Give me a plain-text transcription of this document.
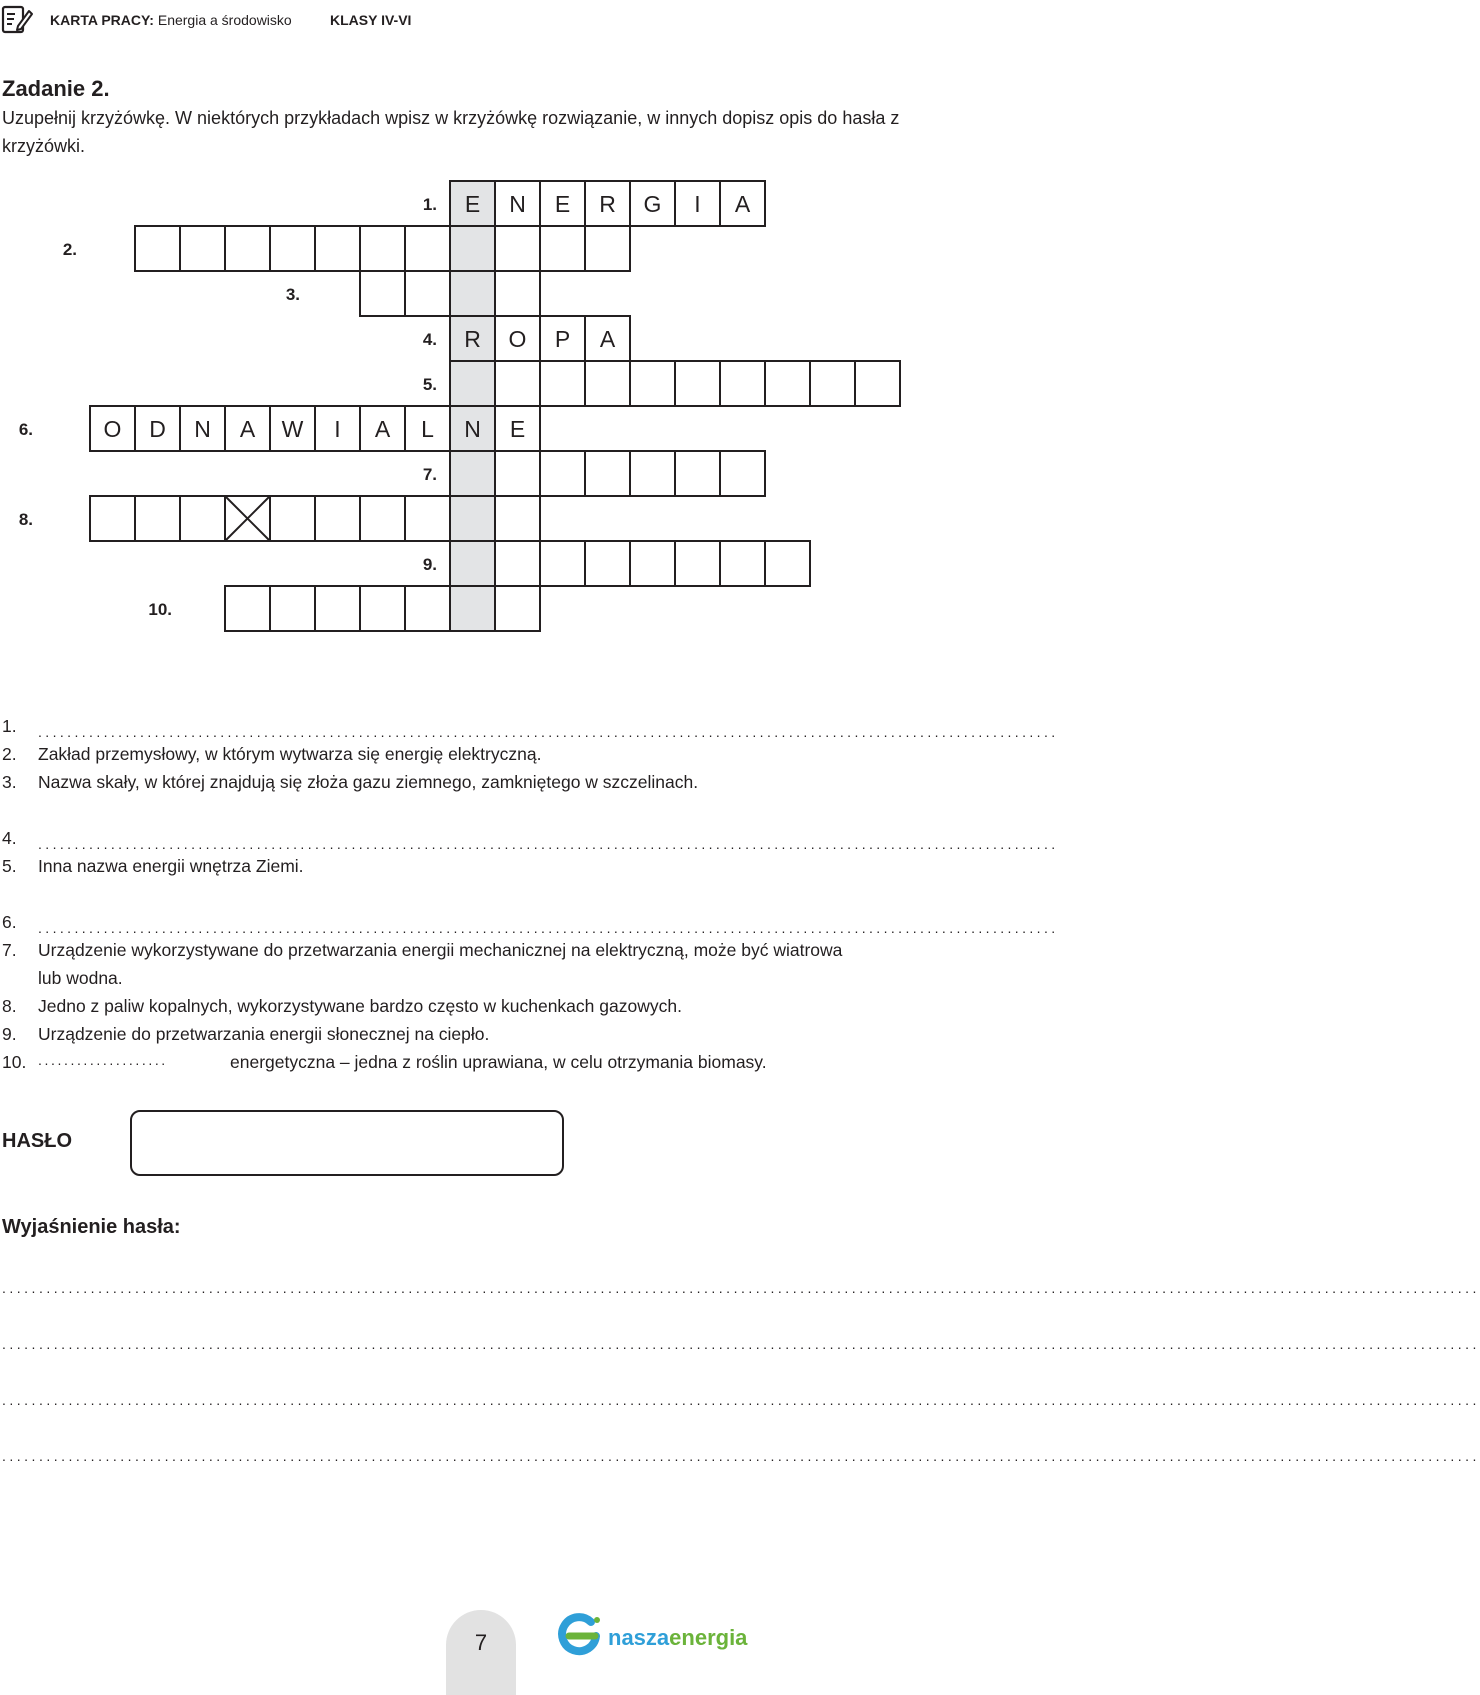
KARTA PRACY: Energia a środowisko	KLASY IV-VI
Zadanie 2.
Uzupełnij krzyżówkę. W niektórych przykładach wpisz w krzyżówkę rozwiązanie, w innych dopisz opis do hasła z krzyżówki.
1. E N E R G I A
2.
3.
4. R O P A
5.
6.	O D N A W I A L N E
7.
8.
9.
10.
1. ............................................................................................................................................
2. Zakład przemysłowy, w którym wytwarza się energię elektryczną.
3. Nazwa skały, w której znajdują się złoża gazu ziemnego, zamkniętego w szczelinach.
4. ............................................................................................................................................
5. Inna nazwa energii wnętrza Ziemi.
6. ............................................................................................................................................
7. Urządzenie wykorzystywane do przetwarzania energii mechanicznej na elektryczną, może być wiatrowa
lub wodna.
8. Jedno z paliw kopalnych, wykorzystywane bardzo często w kuchenkach gazowych.
9. Urządzenie do przetwarzania energii słonecznej na ciepło.
10. ....................	energetyczna – jedna z roślin uprawiana, w celu otrzymania biomasy.
HASŁO
Wyjaśnienie hasła:
........................................................................................................................................................................................................
........................................................................................................................................................................................................
........................................................................................................................................................................................................
........................................................................................................................................................................................................
7	naszaenergia
